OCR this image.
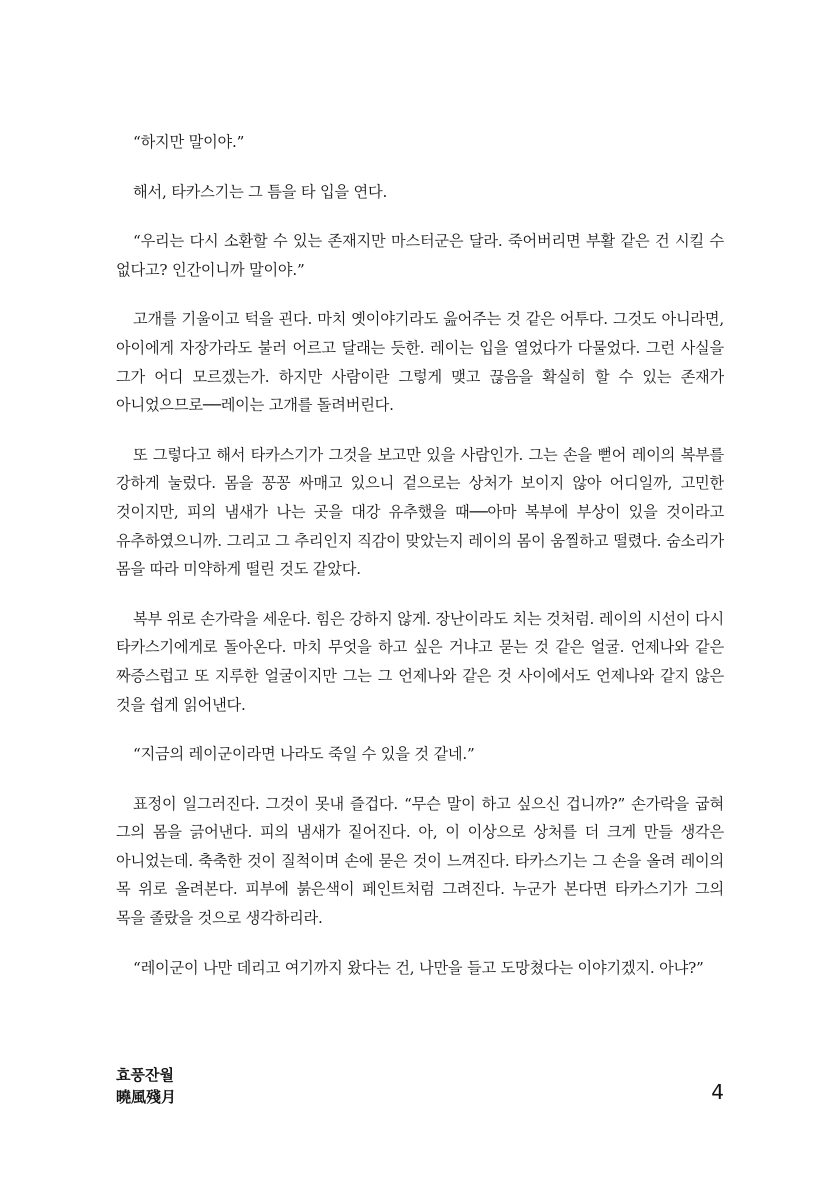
“하지만 말이야.”

해서, 타카스기는 그 틈을 타 입을 연다.

“우리는 다시 소환할 수 있는 존재지만 마스터군은 달라. 죽어버리면 부활 같은 건 시킬 수 없다고? 인간이니까 말이야.”

고개를 기울이고 턱을 괸다. 마치 옛이야기라도 읊어주는 것 같은 어투다. 그것도 아니라면, 아이에게 자장가라도 불러 어르고 달래는 듯한. 레이는 입을 열었다가 다물었다. 그런 사실을 그가 어디 모르겠는가. 하지만 사람이란 그렇게 맺고 끊음을 확실히 할 수 있는 존재가 아니었으므로──레이는 고개를 돌려버린다.

또 그렇다고 해서 타카스기가 그것을 보고만 있을 사람인가. 그는 손을 뻗어 레이의 복부를 강하게 눌렀다. 몸을 꽁꽁 싸매고 있으니 겉으로는 상처가 보이지 않아 어디일까, 고민한 것이지만, 피의 냄새가 나는 곳을 대강 유추했을 때──아마 복부에 부상이 있을 것이라고 유추하였으니까. 그리고 그 추리인지 직감이 맞았는지 레이의 몸이 움찔하고 떨렸다. 숨소리가 몸을 따라 미약하게 떨린 것도 같았다.

복부 위로 손가락을 세운다. 힘은 강하지 않게. 장난이라도 치는 것처럼. 레이의 시선이 다시 타카스기에게로 돌아온다. 마치 무엇을 하고 싶은 거냐고 묻는 것 같은 얼굴. 언제나와 같은 짜증스럽고 또 지루한 얼굴이지만 그는 그 언제나와 같은 것 사이에서도 언제나와 같지 않은 것을 쉽게 읽어낸다.

“지금의 레이군이라면 나라도 죽일 수 있을 것 같네.”

표정이 일그러진다. 그것이 못내 즐겁다. “무슨 말이 하고 싶으신 겁니까?” 손가락을 굽혀 그의 몸을 긁어낸다. 피의 냄새가 짙어진다. 아, 이 이상으로 상처를 더 크게 만들 생각은 아니었는데. 축축한 것이 질척이며 손에 묻은 것이 느껴진다. 타카스기는 그 손을 올려 레이의 목 위로 올려본다. 피부에 붉은색이 페인트처럼 그려진다. 누군가 본다면 타카스기가 그의 목을 졸랐을 것으로 생각하리라.

“레이군이 나만 데리고 여기까지 왔다는 건, 나만을 들고 도망쳤다는 이야기겠지. 아냐?”

효풍잔월
曉風殘月	4
